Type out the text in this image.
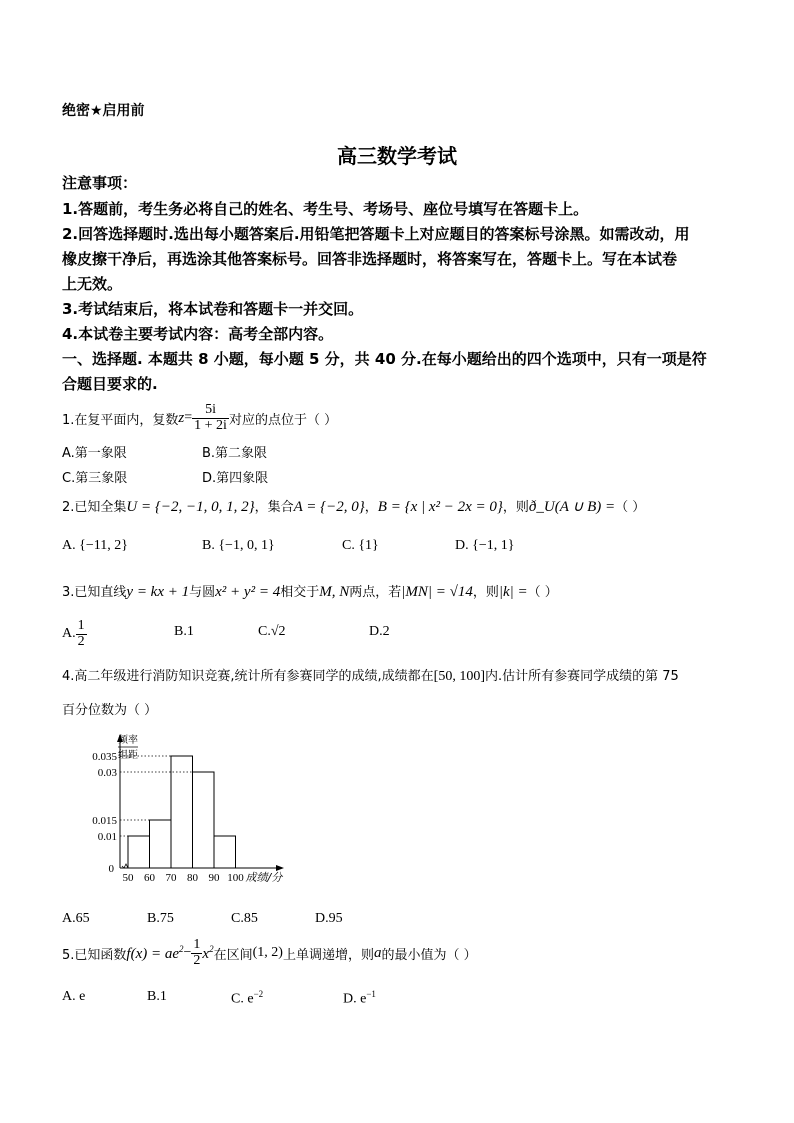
绝密★启用前
高三数学考试
注意事项：
1.答题前，考生务必将自己的姓名、考生号、考场号、座位号填写在答题卡上。
2.回答选择题时.选出每小题答案后.用铅笔把答题卡上对应题目的答案标号涂黑。如需改动，用
橡皮擦干净后，再选涂其他答案标号。回答非选择题时，将答案写在，答题卡上。写在本试卷
上无效。
3.考试结束后，将本试卷和答题卡一并交回。
4.本试卷主要考试内容：高考全部内容。
一、选择题. 本题共 8 小题，每小题 5 分，共 40 分.在每小题给出的四个选项中，只有一项是符
合题目要求的.
1.在复平面内，复数 $z = \frac{5i}{1 + 2i}$ 对应的点位于（ ）
A.第一象限	B.第二象限
C.第三象限	D.第四象限
2.已知全集 U = {−2, −1, 0, 1, 2} ，集合 A = {−2, 0} ， B = {x | x² − 2x = 0} ，则 ð_U(A ∪ B) = （ ）
A. {−11, 2}	B. {−1, 0, 1}	C. {1}	D. {−1, 1}
3.已知直线 y = kx + 1 与圆 x² + y² = 4 相交于 M, N 两点，若 |MN| = √14 ，则 |k| = （ ）
A. $\frac{1}{2}$	B.1	C.√2	D.2
4.高二年级进行消防知识竞赛,统计所有参赛同学的成绩,成绩都在 [50, 100] 内.估计所有参赛同学成绩的第 75
百分位数为（ ）
频率
组距
0.035
0.03
0.015
0.01
0
50 60 70 80 90 100 成绩/分
A.65	B.75	C.85	D.95
5.已知函数 $f(x) = ae^2 - \frac{1}{2} x^2$ 在区间 (1, 2) 上单调递增，则 a 的最小值为（ ）
A. e	B.1	C. $e^{-2}$	D. $e^{-1}$
